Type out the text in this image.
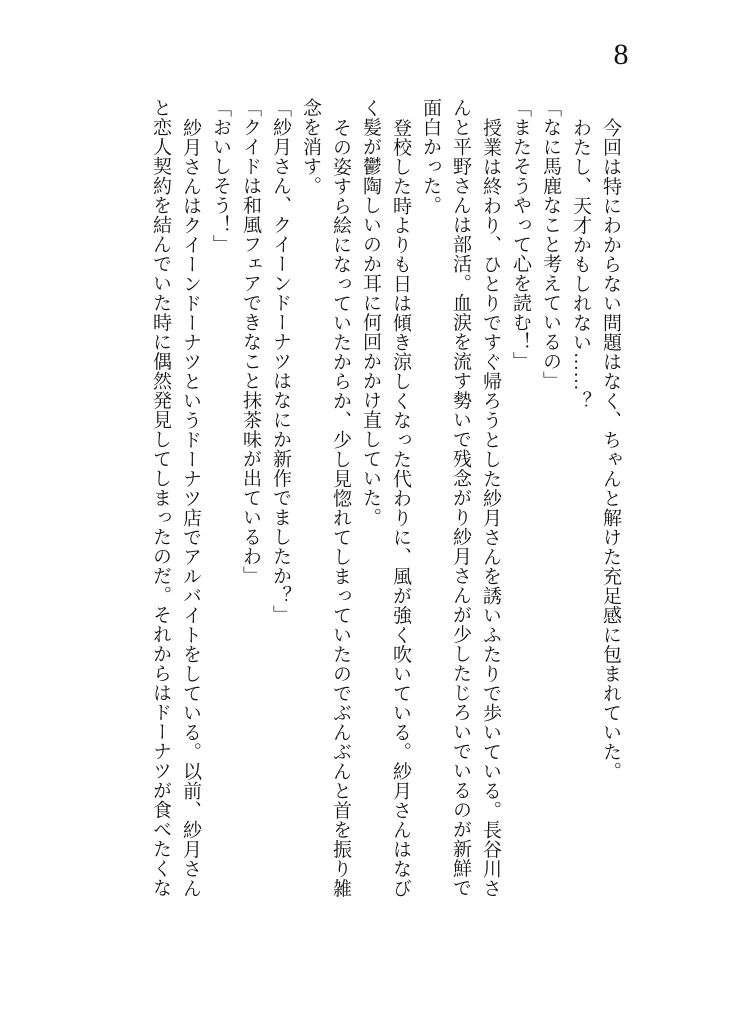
8
今回は特にわからない問題はなく、ちゃんと解けた充足感に包まれていた。
わたし、天才かもしれない……？
「なに馬鹿なこと考えているの」
「またそうやって心を読む！」
授業は終わり、ひとりですぐ帰ろうとした紗月さんを誘いふたりで歩いている。長谷川さ
んと平野さんは部活。血涙を流す勢いで残念がり紗月さんが少したじろいでいるのが新鮮で
面白かった。
登校した時よりも日は傾き涼しくなった代わりに、風が強く吹いている。紗月さんはなび
く髪が鬱陶しいのか耳に何回かかけ直していた。
その姿すら絵になっていたからか、少し見惚れてしまっていたのでぶんぶんと首を振り雑
念を消す。
「紗月さん、クイーンドーナツはなにか新作でましたか？」
「クイドは和風フェアできなこと抹茶味が出ているわ」
「おいしそう！」
紗月さんはクイーンドーナツというドーナツ店でアルバイトをしている。以前、紗月さん
と恋人契約を結んでいた時に偶然発見してしまったのだ。それからはドーナツが食べたくな
